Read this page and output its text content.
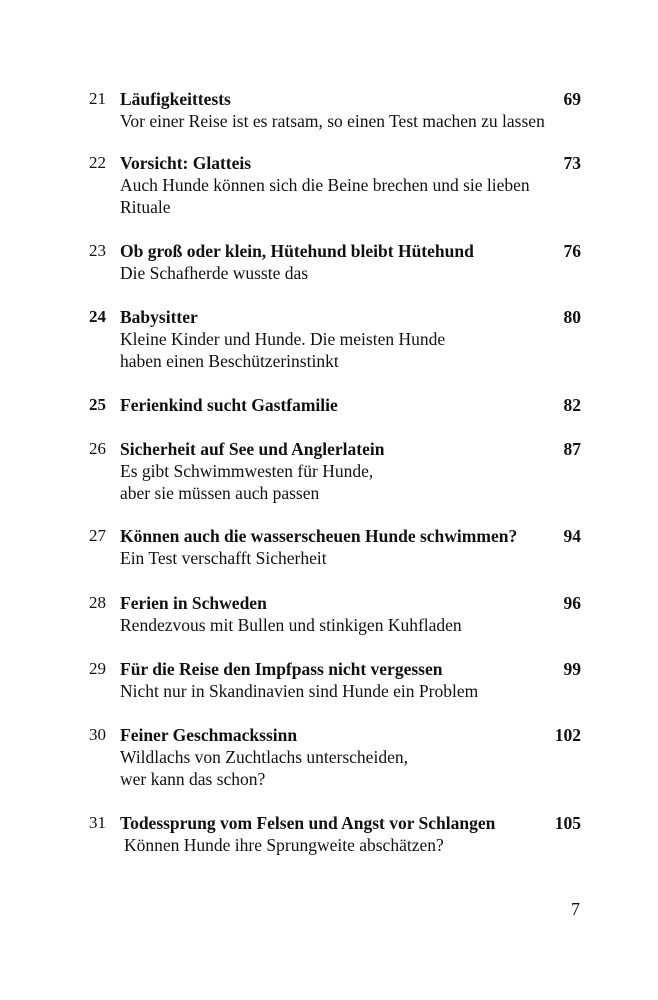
21 Läufigkeittests	69
Vor einer Reise ist es ratsam, so einen Test machen zu lassen
22 Vorsicht: Glatteis	73
Auch Hunde können sich die Beine brechen und sie lieben
Rituale
23 Ob groß oder klein, Hütehund bleibt Hütehund	76
Die Schafherde wusste das
24 Babysitter	80
Kleine Kinder und Hunde. Die meisten Hunde
haben einen Beschützerinstinkt
25 Ferienkind sucht Gastfamilie	82
26 Sicherheit auf See und Anglerlatein	87
Es gibt Schwimmwesten für Hunde,
aber sie müssen auch passen
27 Können auch die wasserscheuen Hunde schwimmen?	94
Ein Test verschafft Sicherheit
28 Ferien in Schweden	96
Rendezvous mit Bullen und stinkigen Kuhfladen
29 Für die Reise den Impfpass nicht vergessen	99
Nicht nur in Skandinavien sind Hunde ein Problem
30 Feiner Geschmackssinn	102
Wildlachs von Zuchtlachs unterscheiden,
wer kann das schon?
31 Todessprung vom Felsen und Angst vor Schlangen	105
Können Hunde ihre Sprungweite abschätzen?
7
